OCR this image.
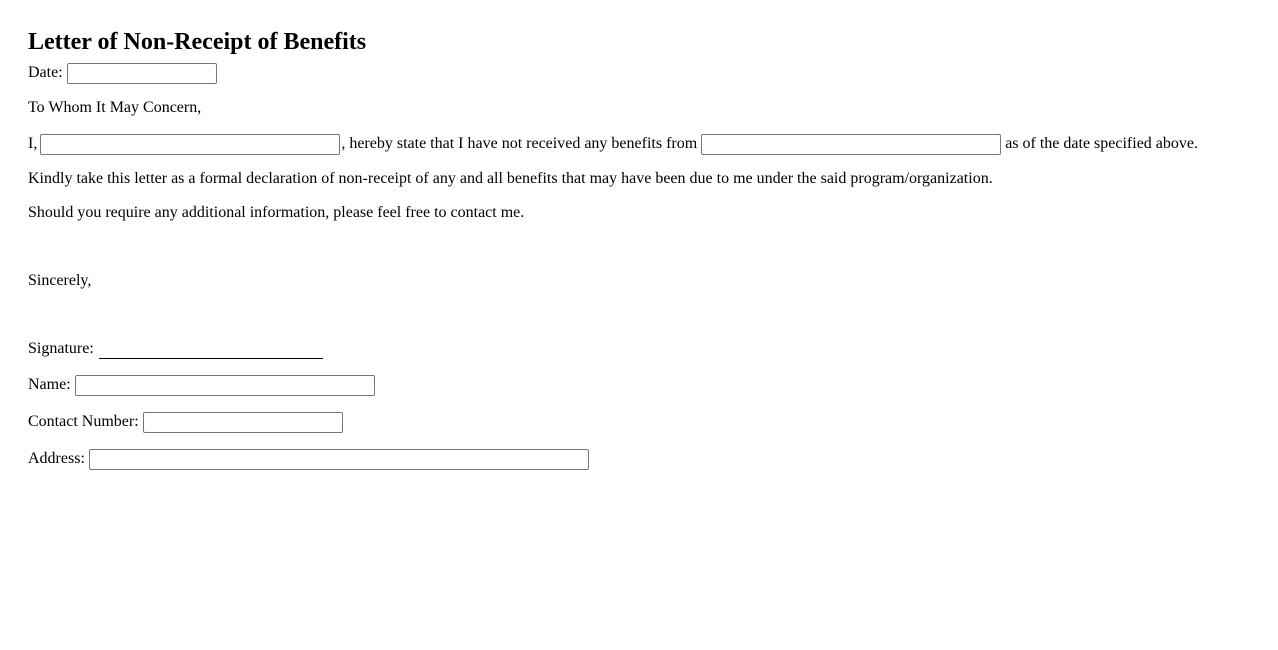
Letter of Non-Receipt of Benefits
Date:
To Whom It May Concern,
I,	, hereby state that I have not received any benefits from	as of the date specified above.
Kindly take this letter as a formal declaration of non-receipt of any and all benefits that may have been due to me under the said program/organization.
Should you require any additional information, please feel free to contact me.
Sincerely,
Signature:
Name:
Contact Number:
Address:
